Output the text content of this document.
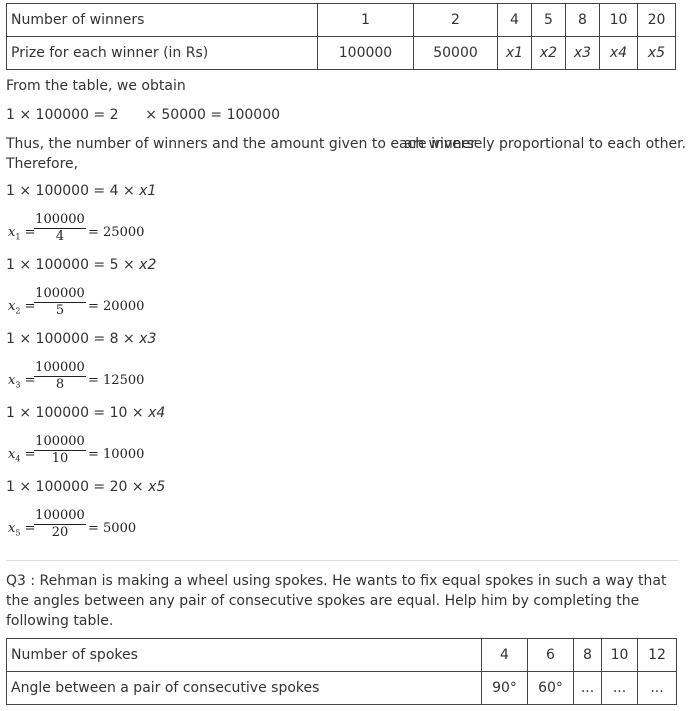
Number of winners	1	2	4	5	8	10	20
Prize for each winner (in Rs)	100000	50000	x1	x2	x3	x4	x5
From the table, we obtain
1 × 100000 = 2      × 50000 = 100000
Thus, the number of winners and the amount given to each winner
are inversely proportional to each other.
Therefore,
1 × 100000 = 4 × x1
$x_1$ =
100000
4	= 25000
1 × 100000 = 5 × x2
$x_2$ =
100000
5	= 20000
1 × 100000 = 8 × x3
$x_3$ =
100000
8	= 12500
1 × 100000 = 10 × x4
$x_4$ =
100000
10	= 10000
1 × 100000 = 20 × x5
$x_5$ =
100000
20	= 5000
Q3 : Rehman is making a wheel using spokes. He wants to fix equal spokes in such a way that the angles between any pair of consecutive spokes are equal. Help him by completing the following table.
Number of spokes	4	6	8	10	12
Angle between a pair of consecutive spokes	90°	60°	...	...	...
